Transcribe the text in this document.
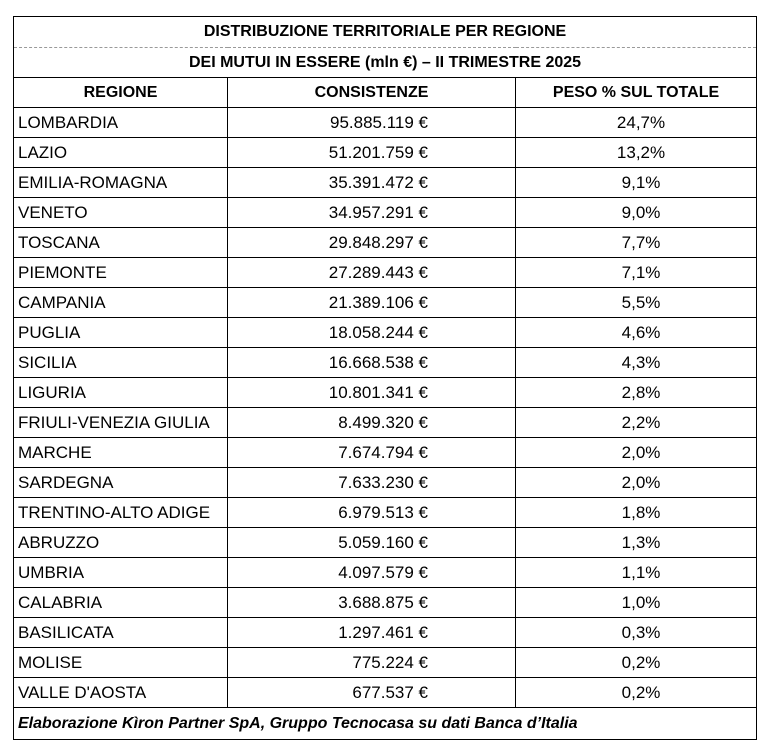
DISTRIBUZIONE TERRITORIALE PER REGIONE		
DEI MUTUI IN ESSERE (mln €) – II TRIMESTRE 2025		
REGIONE	CONSISTENZE	PESO % SUL TOTALE
LOMBARDIA	95.885.119 €	24,7%
LAZIO	51.201.759 €	13,2%
EMILIA-ROMAGNA	35.391.472 €	9,1%
VENETO	34.957.291 €	9,0%
TOSCANA	29.848.297 €	7,7%
PIEMONTE	27.289.443 €	7,1%
CAMPANIA	21.389.106 €	5,5%
PUGLIA	18.058.244 €	4,6%
SICILIA	16.668.538 €	4,3%
LIGURIA	10.801.341 €	2,8%
FRIULI-VENEZIA GIULIA	8.499.320 €	2,2%
MARCHE	7.674.794 €	2,0%
SARDEGNA	7.633.230 €	2,0%
TRENTINO-ALTO ADIGE	6.979.513 €	1,8%
ABRUZZO	5.059.160 €	1,3%
UMBRIA	4.097.579 €	1,1%
CALABRIA	3.688.875 €	1,0%
BASILICATA	1.297.461 €	0,3%
MOLISE	775.224 €	0,2%
VALLE D'AOSTA	677.537 €	0,2%
Elaborazione Kìron Partner SpA, Gruppo Tecnocasa su dati Banca d’Italia		
